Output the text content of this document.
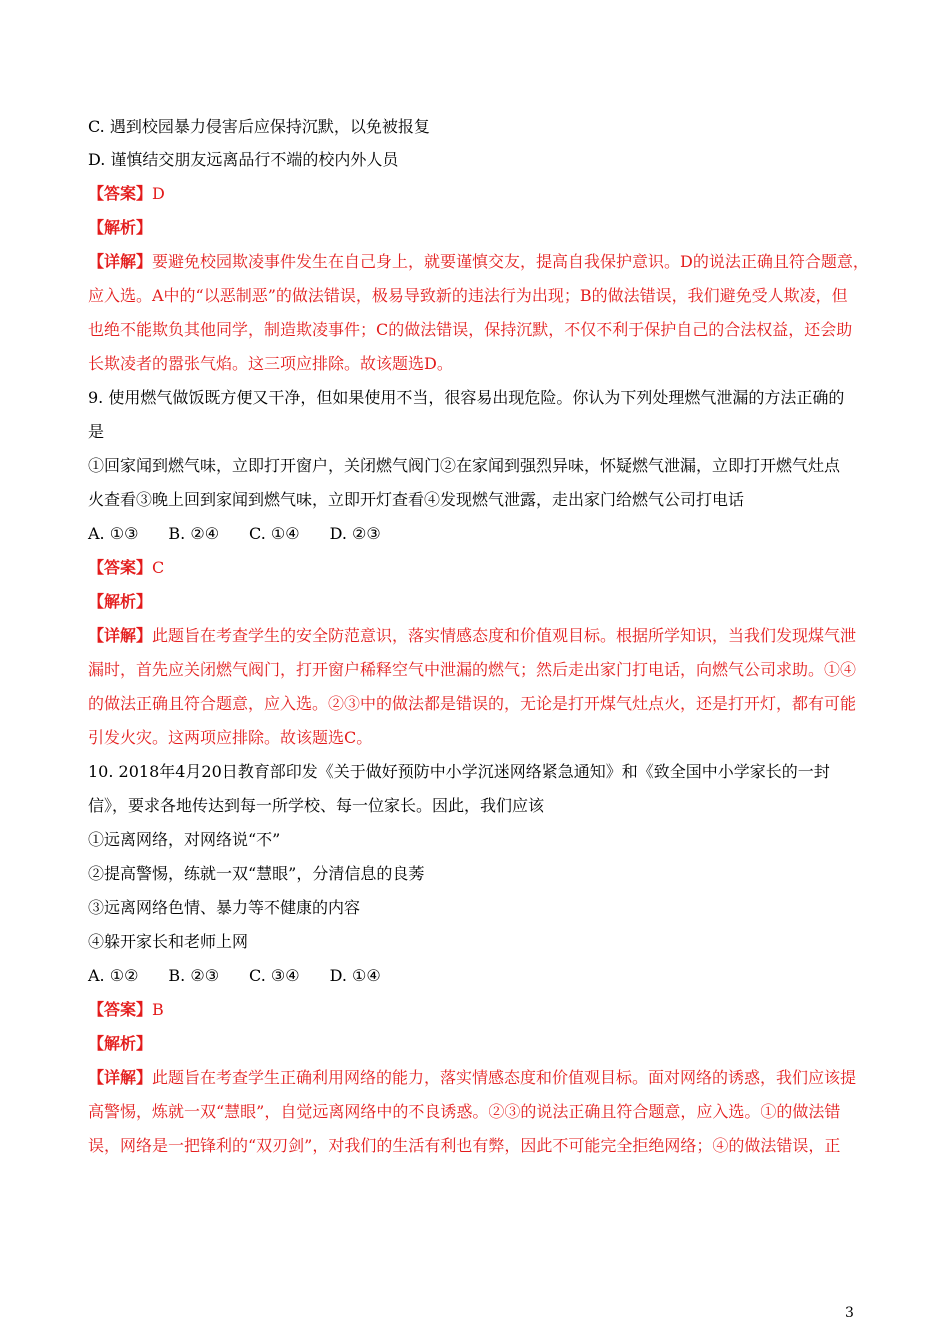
C. 遇到校园暴力侵害后应保持沉默，以免被报复
D. 谨慎结交朋友远离品行不端的校内外人员
【答案】D
【解析】
【详解】要避免校园欺凌事件发生在自己身上，就要谨慎交友，提高自我保护意识。D的说法正确且符合题意，
应入选。A中的“以恶制恶”的做法错误，极易导致新的违法行为出现；B的做法错误，我们避免受人欺凌，但
也绝不能欺负其他同学，制造欺凌事件；C的做法错误，保持沉默，不仅不利于保护自己的合法权益，还会助
长欺凌者的嚣张气焰。这三项应排除。故该题选D。
9. 使用燃气做饭既方便又干净，但如果使用不当，很容易出现危险。你认为下列处理燃气泄漏的方法正确的
是
①回家闻到燃气味，立即打开窗户，关闭燃气阀门②在家闻到强烈异味，怀疑燃气泄漏，立即打开燃气灶点
火查看③晚上回到家闻到燃气味，立即开灯查看④发现燃气泄露，走出家门给燃气公司打电话
A. ①③ B. ②④ C. ①④ D. ②③
【答案】C
【解析】
【详解】此题旨在考查学生的安全防范意识，落实情感态度和价值观目标。根据所学知识，当我们发现煤气泄
漏时，首先应关闭燃气阀门，打开窗户稀释空气中泄漏的燃气；然后走出家门打电话，向燃气公司求助。①④
的做法正确且符合题意，应入选。②③中的做法都是错误的，无论是打开煤气灶点火，还是打开灯，都有可能
引发火灾。这两项应排除。故该题选C。
10. 2018年4月20日教育部印发《关于做好预防中小学沉迷网络紧急通知》和《致全国中小学家长的一封
信》，要求各地传达到每一所学校、每一位家长。因此，我们应该
①远离网络，对网络说“不”
②提高警惕，练就一双“慧眼”，分清信息的良莠
③远离网络色情、暴力等不健康的内容
④躲开家长和老师上网
A. ①② B. ②③ C. ③④ D. ①④
【答案】B
【解析】
【详解】此题旨在考查学生正确利用网络的能力，落实情感态度和价值观目标。面对网络的诱惑，我们应该提
高警惕，炼就一双“慧眼”，自觉远离网络中的不良诱惑。②③的说法正确且符合题意，应入选。①的做法错
误，网络是一把锋利的“双刃剑”，对我们的生活有利也有弊，因此不可能完全拒绝网络；④的做法错误，正
3
